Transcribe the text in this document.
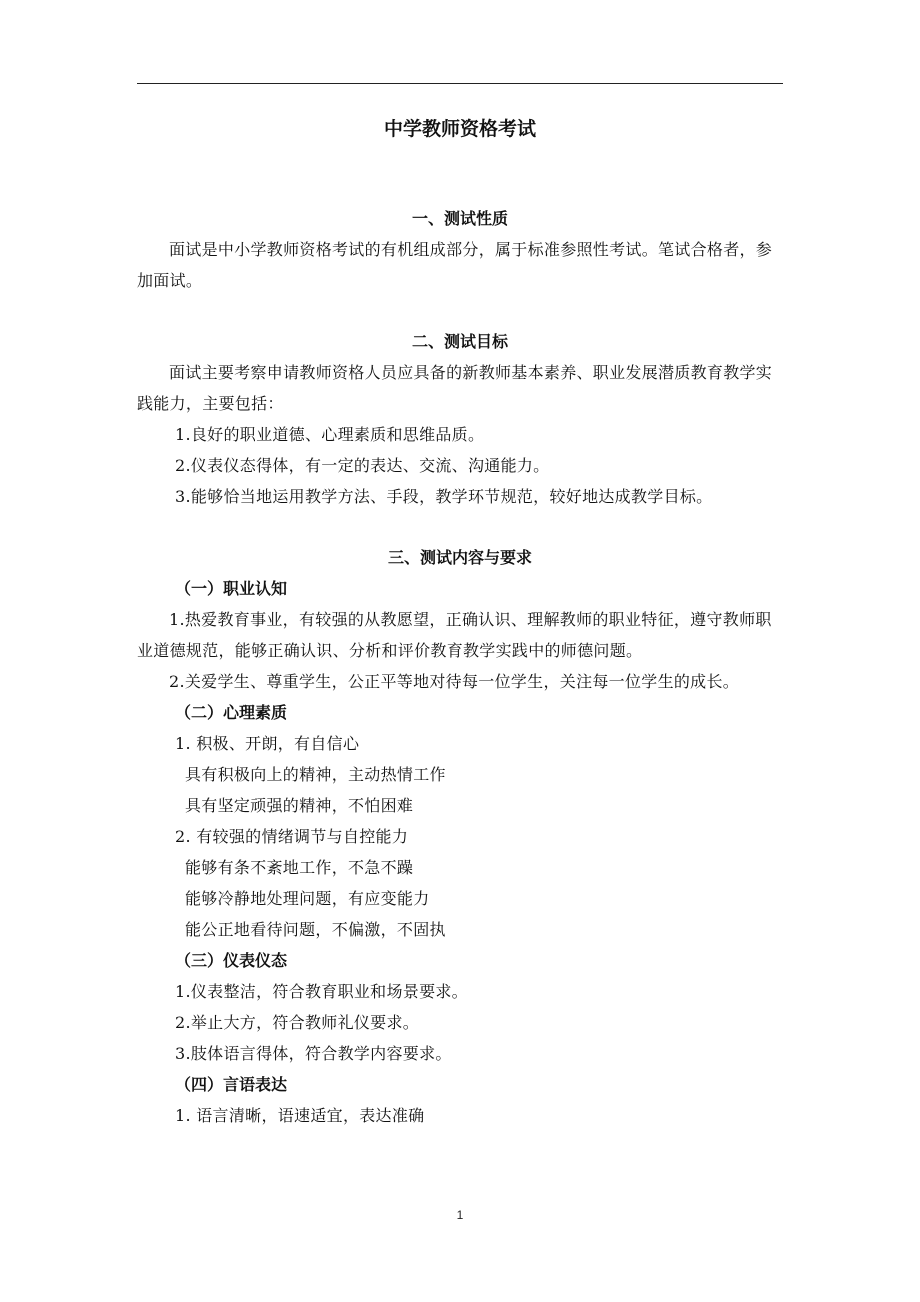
中学教师资格考试

一、测试性质

面试是中小学教师资格考试的有机组成部分，属于标准参照性考试。笔试合格者，参加面试。

二、测试目标

面试主要考察申请教师资格人员应具备的新教师基本素养、职业发展潜质教育教学实践能力，主要包括：

1.良好的职业道德、心理素质和思维品质。

2.仪表仪态得体，有一定的表达、交流、沟通能力。

3.能够恰当地运用教学方法、手段，教学环节规范，较好地达成教学目标。

三、测试内容与要求

（一）职业认知

1.热爱教育事业，有较强的从教愿望，正确认识、理解教师的职业特征，遵守教师职业道德规范，能够正确认识、分析和评价教育教学实践中的师德问题。

2.关爱学生、尊重学生，公正平等地对待每一位学生，关注每一位学生的成长。

（二）心理素质

1. 积极、开朗，有自信心

具有积极向上的精神，主动热情工作

具有坚定顽强的精神，不怕困难

2. 有较强的情绪调节与自控能力

能够有条不紊地工作，不急不躁

能够冷静地处理问题，有应变能力

能公正地看待问题，不偏激，不固执

（三）仪表仪态

1.仪表整洁，符合教育职业和场景要求。

2.举止大方，符合教师礼仪要求。

3.肢体语言得体，符合教学内容要求。

（四）言语表达

1. 语言清晰，语速适宜，表达准确

1
